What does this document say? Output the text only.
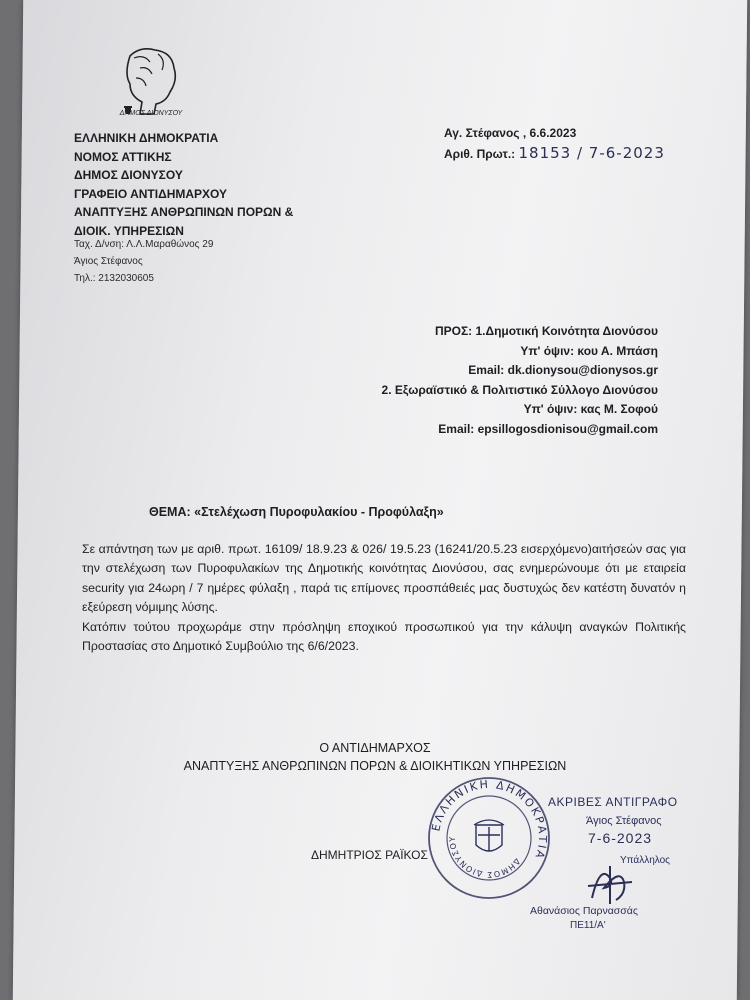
ΔΗΜΟΣ ΔΙΟΝΥΣΟΥ
ΕΛΛΗΝΙΚΗ ΔΗΜΟΚΡΑΤΙΑ
ΝΟΜΟΣ ΑΤΤΙΚΗΣ
ΔΗΜΟΣ ΔΙΟΝΥΣΟΥ
ΓΡΑΦΕΙΟ ΑΝΤΙΔΗΜΑΡΧΟΥ
ΑΝΑΠΤΥΞΗΣ ΑΝΘΡΩΠΙΝΩΝ ΠΟΡΩΝ &
ΔΙΟΙΚ. ΥΠΗΡΕΣΙΩΝ
Ταχ. Δ/νση: Λ.Λ.Μαραθώνος 29
Άγιος Στέφανος
Τηλ.: 2132030605
Αγ. Στέφανος , 6.6.2023
Αριθ. Πρωτ.: 18153 / 7-6-2023
ΠΡΟΣ: 1.Δημοτική Κοινότητα Διονύσου
Υπ' όψιν: κου Α. Μπάση
Email: dk.dionysou@dionysos.gr
2. Εξωραϊστικό & Πολιτιστικό Σύλλογο Διονύσου
Υπ' όψιν: κας Μ. Σοφού
Email: epsillogosdionisou@gmail.com
ΘΕΜΑ: «Στελέχωση Πυροφυλακίου - Προφύλαξη»

Σε απάντηση των με αριθ. πρωτ. 16109/ 18.9.23 & 026/ 19.5.23 (16241/20.5.23 εισερχόμενο)αιτήσεών σας για την στελέχωση των Πυροφυλακίων της Δημοτικής κοινότητας Διονύσου, σας ενημερώνουμε ότι με εταιρεία security για 24ωρη / 7 ημέρες φύλαξη , παρά τις επίμονες προσπάθειές μας δυστυχώς δεν κατέστη δυνατόν η εξεύρεση νόμιμης λύσης.

Κατόπιν τούτου προχωράμε στην πρόσληψη εποχικού προσωπικού για την κάλυψη αναγκών Πολιτικής Προστασίας στο Δημοτικό Συμβούλιο της 6/6/2023.

Ο ΑΝΤΙΔΗΜΑΡΧΟΣ
ΑΝΑΠΤΥΞΗΣ ΑΝΘΡΩΠΙΝΩΝ ΠΟΡΩΝ & ΔΙΟΙΚΗΤΙΚΩΝ ΥΠΗΡΕΣΙΩΝ
ΔΗΜΗΤΡΙΟΣ ΡΑΪΚΟΣ
ΕΛΛΗΝΙΚΗ ΔΗΜΟΚΡΑΤΙΑ
ΔΗΜΟΣ ΔΙΟΝΥΣΟΥ
ΑΚΡΙΒΕΣ ΑΝΤΙΓΡΑΦΟ
Άγιος Στέφανος
7-6-2023
Υπάλληλος
Αθανάσιος Παρνασσάς
ΠΕ11/Α'
